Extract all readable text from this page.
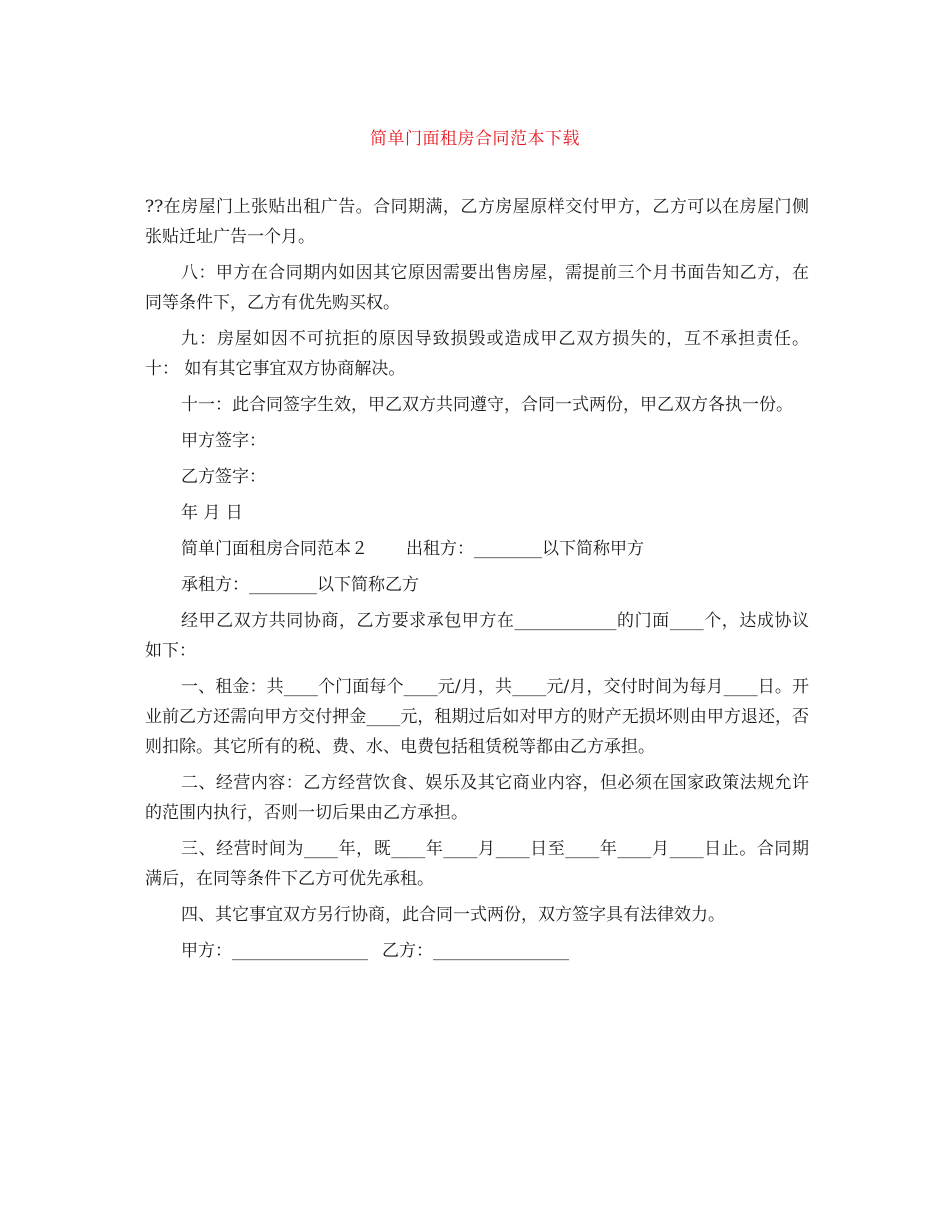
简单门面租房合同范本下载

??在房屋门上张贴出租广告。合同期满，乙方房屋原样交付甲方，乙方可以在房屋门侧张贴迁址广告一个月。

八：甲方在合同期内如因其它原因需要出售房屋，需提前三个月书面告知乙方，在同等条件下，乙方有优先购买权。

九：房屋如因不可抗拒的原因导致损毁或造成甲乙双方损失的，互不承担责任。 十： 如有其它事宜双方协商解决。

十一：此合同签字生效，甲乙双方共同遵守，合同一式两份，甲乙双方各执一份。

甲方签字：

乙方签字：

年 月 日

简单门面租房合同范本２ 出租方：________以下简称甲方

承租方：________以下简称乙方

经甲乙双方共同协商，乙方要求承包甲方在____________的门面____个，达成协议如下：

一、租金：共____个门面每个____元/月，共____元/月，交付时间为每月____日。开业前乙方还需向甲方交付押金____元，租期过后如对甲方的财产无损坏则由甲方退还，否则扣除。其它所有的税、费、水、电费包括租赁税等都由乙方承担。

二、经营内容：乙方经营饮食、娱乐及其它商业内容，但必须在国家政策法规允许的范围内执行，否则一切后果由乙方承担。

三、经营时间为____年，既____年____月____日至____年____月____日止。合同期满后，在同等条件下乙方可优先承租。

四、其它事宜双方另行协商，此合同一式两份，双方签字具有法律效力。

甲方：________________ 乙方：________________
